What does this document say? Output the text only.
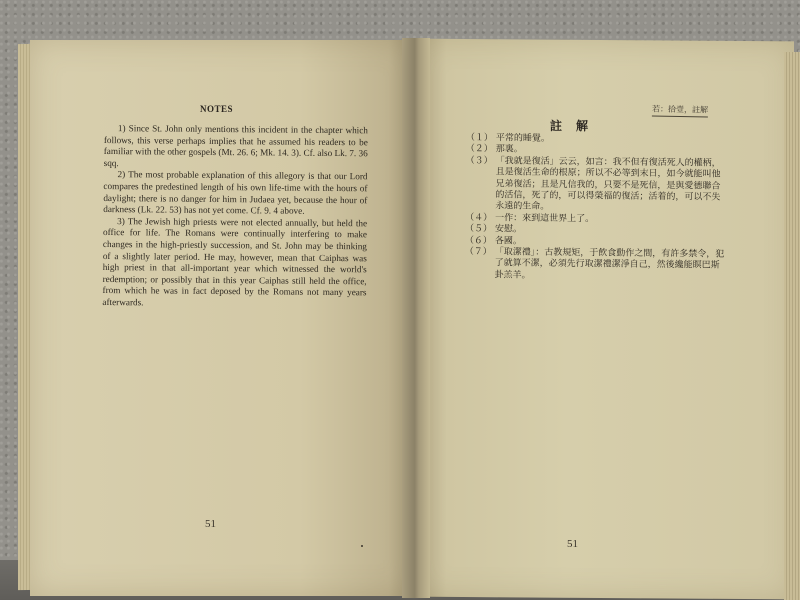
NOTES

1) Since St. John only mentions this incident in the chapter which follows, this verse perhaps implies that he assumed his readers to be familiar with the other gospels (Mt. 26. 6; Mk. 14. 3). Cf. also Lk. 7. 36 sqq.

2) The most probable explanation of this allegory is that our Lord compares the predestined length of his own life-time with the hours of daylight; there is no danger for him in Judaea yet, because the hour of darkness (Lk. 22. 53) has not yet come. Cf. 9. 4 above.

3) The Jewish high priests were not elected annually, but held the office for life. The Romans were continually interfering to make changes in the high-priestly succession, and St. John may be thinking of a slightly later period. He may, however, mean that Caiphas was high priest in that all-important year which witnessed the world's redemption; or possibly that in this year Caiphas still held the office, from which he was in fact deposed by the Romans not many years afterwards.

51
若：拾壹，註解
註解
（１） 平常的睡覺。
（２） 那裏。
（３） 「我就是復活」云云，如言：我不但有復活死人的權柄，且是復活生命的根原；所以不必等到末日，如今就能叫他兄弟復活；且是凡信我的，只要不是死信，是與愛德聯合的活信，死了的，可以得榮福的復活；活着的，可以不失永遠的生命。
（４） 一作：來到這世界上了。
（５） 安慰。
（６） 各國。
（７） 「取潔禮」：古教規矩，于飲食動作之間，有許多禁令，犯了就算不潔，必須先行取潔禮潔淨自己，然後纔能瞑巴斯卦羔羊。
51
